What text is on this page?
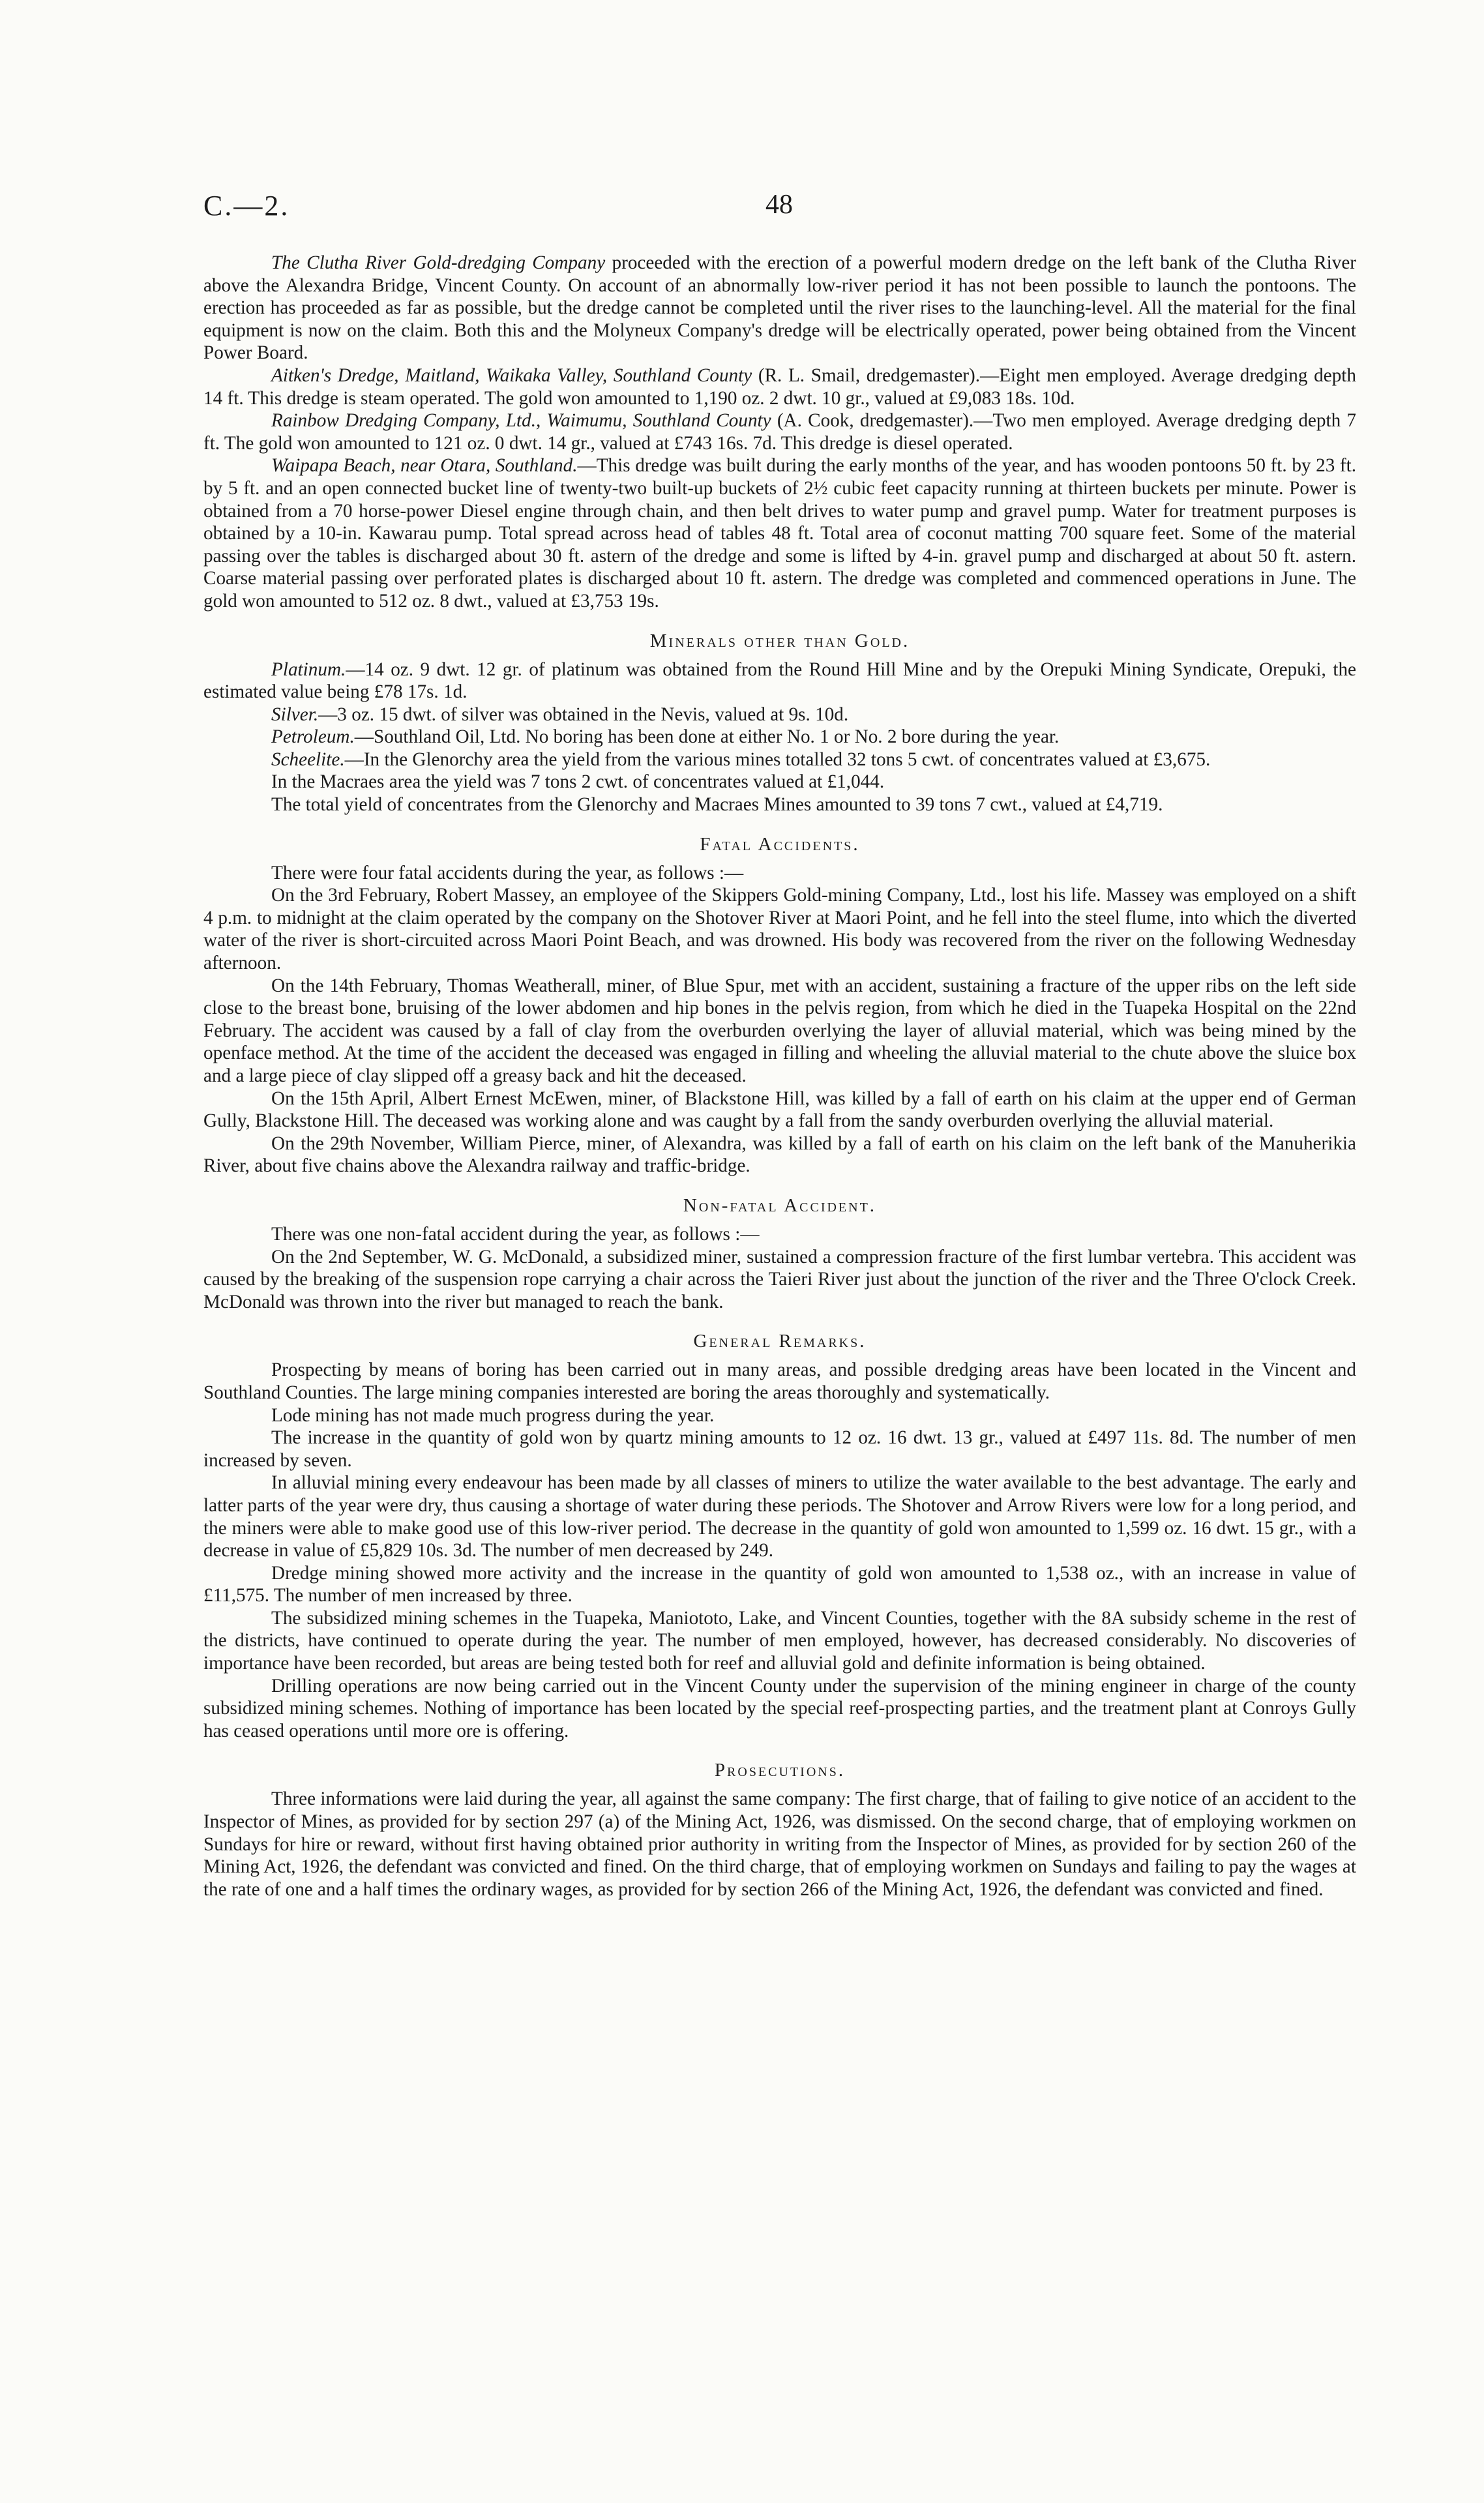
C.—2.	48

The Clutha River Gold-dredging Company proceeded with the erection of a powerful modern dredge on the left bank of the Clutha River above the Alexandra Bridge, Vincent County. On account of an abnormally low-river period it has not been possible to launch the pontoons. The erection has proceeded as far as possible, but the dredge cannot be completed until the river rises to the launching-level. All the material for the final equipment is now on the claim. Both this and the Molyneux Company's dredge will be electrically operated, power being obtained from the Vincent Power Board.

Aitken's Dredge, Maitland, Waikaka Valley, Southland County (R. L. Smail, dredgemaster).—Eight men employed. Average dredging depth 14 ft. This dredge is steam operated. The gold won amounted to 1,190 oz. 2 dwt. 10 gr., valued at £9,083 18s. 10d.

Rainbow Dredging Company, Ltd., Waimumu, Southland County (A. Cook, dredgemaster).—Two men employed. Average dredging depth 7 ft. The gold won amounted to 121 oz. 0 dwt. 14 gr., valued at £743 16s. 7d. This dredge is diesel operated.

Waipapa Beach, near Otara, Southland.—This dredge was built during the early months of the year, and has wooden pontoons 50 ft. by 23 ft. by 5 ft. and an open connected bucket line of twenty-two built-up buckets of 2½ cubic feet capacity running at thirteen buckets per minute. Power is obtained from a 70 horse-power Diesel engine through chain, and then belt drives to water pump and gravel pump. Water for treatment purposes is obtained by a 10-in. Kawarau pump. Total spread across head of tables 48 ft. Total area of coconut matting 700 square feet. Some of the material passing over the tables is discharged about 30 ft. astern of the dredge and some is lifted by 4-in. gravel pump and discharged at about 50 ft. astern. Coarse material passing over perforated plates is discharged about 10 ft. astern. The dredge was completed and commenced operations in June. The gold won amounted to 512 oz. 8 dwt., valued at £3,753 19s.

Minerals other than Gold.

Platinum.—14 oz. 9 dwt. 12 gr. of platinum was obtained from the Round Hill Mine and by the Orepuki Mining Syndicate, Orepuki, the estimated value being £78 17s. 1d.

Silver.—3 oz. 15 dwt. of silver was obtained in the Nevis, valued at 9s. 10d.

Petroleum.—Southland Oil, Ltd. No boring has been done at either No. 1 or No. 2 bore during the year.

Scheelite.—In the Glenorchy area the yield from the various mines totalled 32 tons 5 cwt. of concentrates valued at £3,675.

In the Macraes area the yield was 7 tons 2 cwt. of concentrates valued at £1,044.

The total yield of concentrates from the Glenorchy and Macraes Mines amounted to 39 tons 7 cwt., valued at £4,719.

Fatal Accidents.

There were four fatal accidents during the year, as follows :—

On the 3rd February, Robert Massey, an employee of the Skippers Gold-mining Company, Ltd., lost his life. Massey was employed on a shift 4 p.m. to midnight at the claim operated by the company on the Shotover River at Maori Point, and he fell into the steel flume, into which the diverted water of the river is short-circuited across Maori Point Beach, and was drowned. His body was recovered from the river on the following Wednesday afternoon.

On the 14th February, Thomas Weatherall, miner, of Blue Spur, met with an accident, sustaining a fracture of the upper ribs on the left side close to the breast bone, bruising of the lower abdomen and hip bones in the pelvis region, from which he died in the Tuapeka Hospital on the 22nd February. The accident was caused by a fall of clay from the overburden overlying the layer of alluvial material, which was being mined by the openface method. At the time of the accident the deceased was engaged in filling and wheeling the alluvial material to the chute above the sluice box and a large piece of clay slipped off a greasy back and hit the deceased.

On the 15th April, Albert Ernest McEwen, miner, of Blackstone Hill, was killed by a fall of earth on his claim at the upper end of German Gully, Blackstone Hill. The deceased was working alone and was caught by a fall from the sandy overburden overlying the alluvial material.

On the 29th November, William Pierce, miner, of Alexandra, was killed by a fall of earth on his claim on the left bank of the Manuherikia River, about five chains above the Alexandra railway and traffic-bridge.

Non-fatal Accident.

There was one non-fatal accident during the year, as follows :—

On the 2nd September, W. G. McDonald, a subsidized miner, sustained a compression fracture of the first lumbar vertebra. This accident was caused by the breaking of the suspension rope carrying a chair across the Taieri River just about the junction of the river and the Three O'clock Creek. McDonald was thrown into the river but managed to reach the bank.

General Remarks.

Prospecting by means of boring has been carried out in many areas, and possible dredging areas have been located in the Vincent and Southland Counties. The large mining companies interested are boring the areas thoroughly and systematically.

Lode mining has not made much progress during the year.

The increase in the quantity of gold won by quartz mining amounts to 12 oz. 16 dwt. 13 gr., valued at £497 11s. 8d. The number of men increased by seven.

In alluvial mining every endeavour has been made by all classes of miners to utilize the water available to the best advantage. The early and latter parts of the year were dry, thus causing a shortage of water during these periods. The Shotover and Arrow Rivers were low for a long period, and the miners were able to make good use of this low-river period. The decrease in the quantity of gold won amounted to 1,599 oz. 16 dwt. 15 gr., with a decrease in value of £5,829 10s. 3d. The number of men decreased by 249.

Dredge mining showed more activity and the increase in the quantity of gold won amounted to 1,538 oz., with an increase in value of £11,575. The number of men increased by three.

The subsidized mining schemes in the Tuapeka, Maniototo, Lake, and Vincent Counties, together with the 8A subsidy scheme in the rest of the districts, have continued to operate during the year. The number of men employed, however, has decreased considerably. No discoveries of importance have been recorded, but areas are being tested both for reef and alluvial gold and definite information is being obtained.

Drilling operations are now being carried out in the Vincent County under the supervision of the mining engineer in charge of the county subsidized mining schemes. Nothing of importance has been located by the special reef-prospecting parties, and the treatment plant at Conroys Gully has ceased operations until more ore is offering.

Prosecutions.

Three informations were laid during the year, all against the same company: The first charge, that of failing to give notice of an accident to the Inspector of Mines, as provided for by section 297 (a) of the Mining Act, 1926, was dismissed. On the second charge, that of employing workmen on Sundays for hire or reward, without first having obtained prior authority in writing from the Inspector of Mines, as provided for by section 260 of the Mining Act, 1926, the defendant was convicted and fined. On the third charge, that of employing workmen on Sundays and failing to pay the wages at the rate of one and a half times the ordinary wages, as provided for by section 266 of the Mining Act, 1926, the defendant was convicted and fined.
